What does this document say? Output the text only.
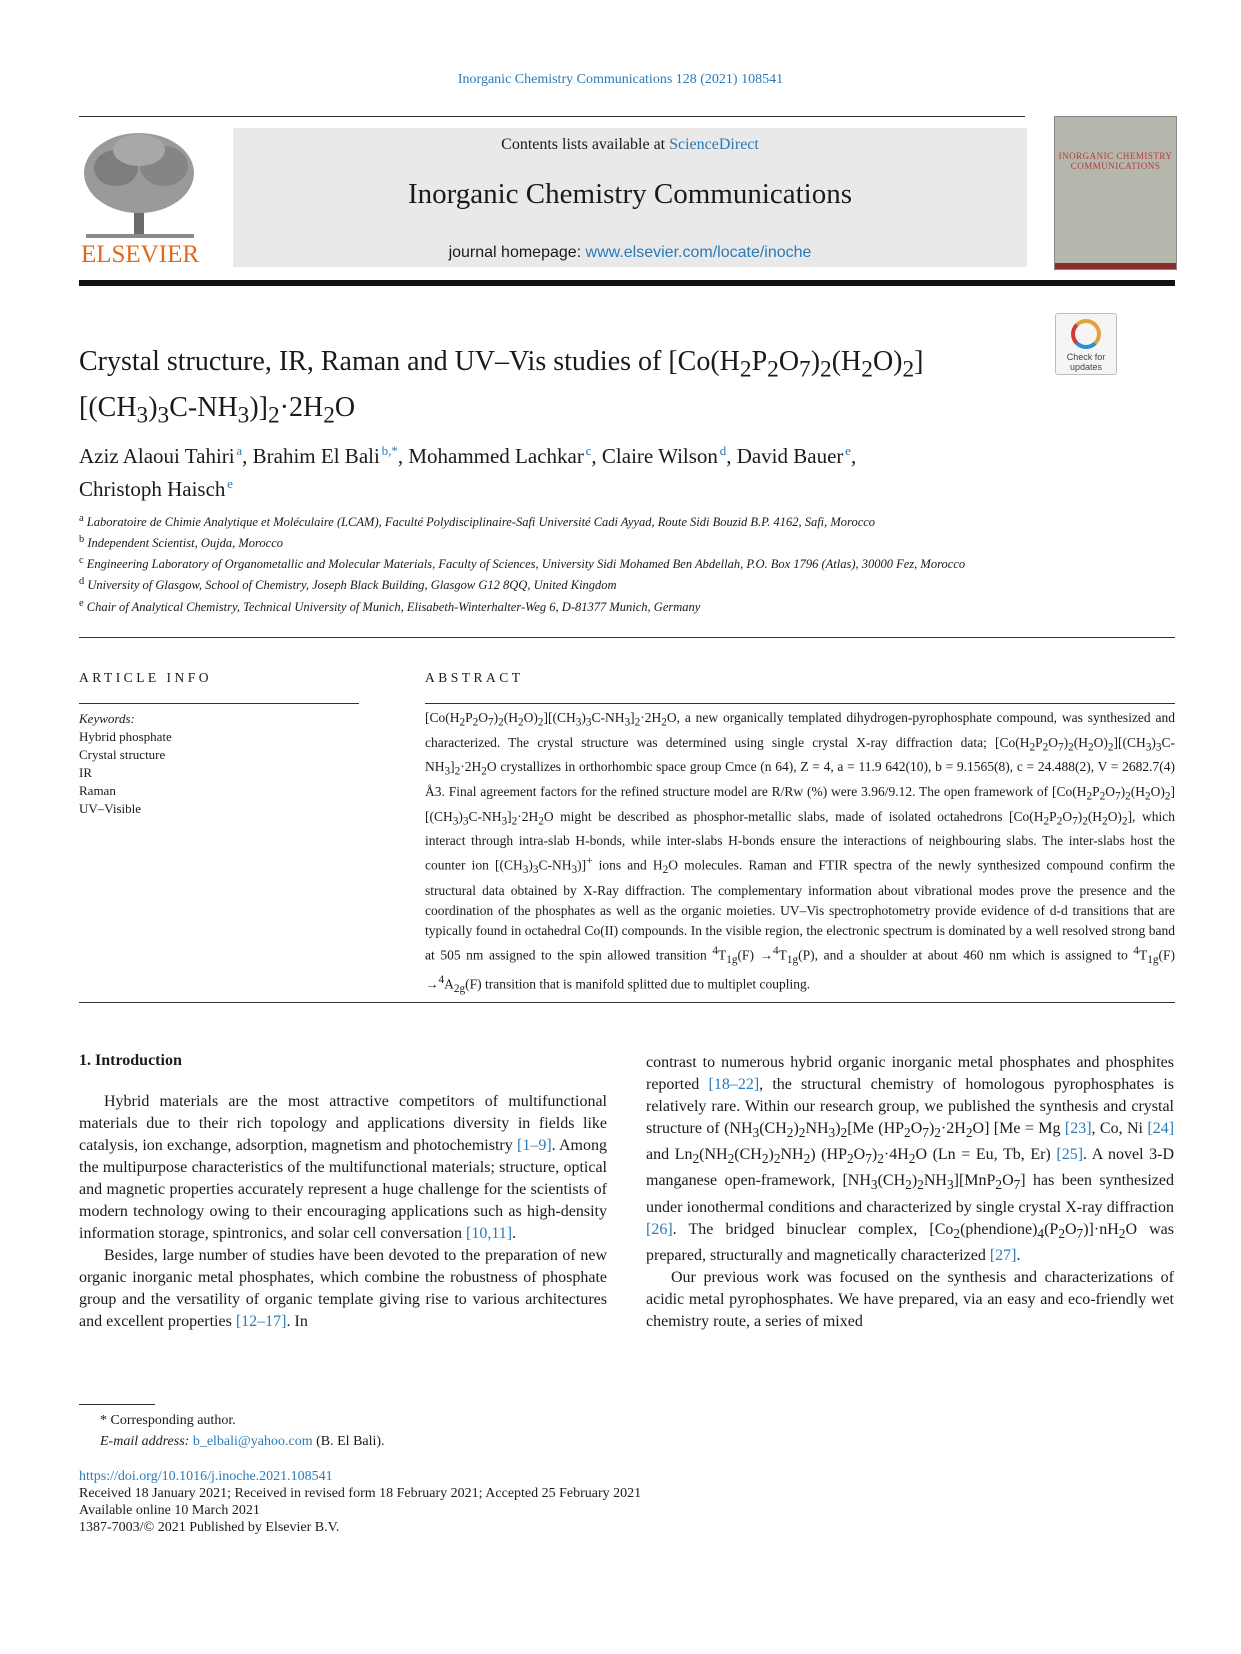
Inorganic Chemistry Communications 128 (2021) 108541
ELSEVIER
Contents lists available at ScienceDirect
Inorganic Chemistry Communications
journal homepage: www.elsevier.com/locate/inoche
INORGANIC CHEMISTRY COMMUNICATIONS
Check for updates
Crystal structure, IR, Raman and UV–Vis studies of $[Co(H_2P_2O_7)_2(H_2O)_2]$ $[(CH_3)_3C-NH_3)]_2\cdot 2H_2O$
Aziz Alaoui Tahiri  $^a$, Brahim El Bali  $^{b,*}$, Mohammed Lachkar  $^c$, Claire Wilson  $^d$, David Bauer  $^e$,
Christoph Haisch  $^e$
$^a$ Laboratoire de Chimie Analytique et Moléculaire (LCAM), Faculté Polydisciplinaire-Safi Université Cadi Ayyad, Route Sidi Bouzid B.P. 4162, Safi, Morocco
$^b$ Independent Scientist, Oujda, Morocco
$^c$ Engineering Laboratory of Organometallic and Molecular Materials, Faculty of Sciences, University Sidi Mohamed Ben Abdellah, P.O. Box 1796 (Atlas), 30000 Fez, Morocco
$^d$ University of Glasgow, School of Chemistry, Joseph Black Building, Glasgow G12 8QQ, United Kingdom
$^e$ Chair of Analytical Chemistry, Technical University of Munich, Elisabeth-Winterhalter-Weg 6, D-81377 Munich, Germany
ARTICLE INFO	ABSTRACT
Keywords:
Hybrid phosphate
Crystal structure
IR
Raman
UV–Visible
$[Co(H_2P_2O_7)_2(H_2O)_2][(CH_3)_3C-NH_3]_2\cdot 2H_2O$, a new organically templated dihydrogen-pyrophosphate compound, was synthesized and characterized. The crystal structure was determined using single crystal X-ray diffraction data; $[Co(H_2P_2O_7)_2(H_2O)_2][(CH_3)_3C-NH_3]_2\cdot 2H_2O$ crystallizes in orthorhombic space group Cmce (n 64), Z = 4, a = 11.9 642(10), b = 9.1565(8), c = 24.488(2), V = 2682.7(4) Å3. Final agreement factors for the refined structure model are R/Rw (%) were 3.96/9.12. The open framework of $[Co(H_2P_2O_7)_2(H_2O)_2][(CH_3)_3C-NH_3]_2\cdot 2H_2O$ might be described as phosphor-metallic slabs, made of isolated octahedrons $[Co(H_2P_2O_7)_2(H_2O)_2]$, which interact through intra-slab H-bonds, while inter-slabs H-bonds ensure the interactions of neighbouring slabs. The inter-slabs host the counter ion $[(CH_3)_3C-NH_3)]^+$ ions and $H_2O$ molecules. Raman and FTIR spectra of the newly synthesized compound confirm the structural data obtained by X-Ray diffraction. The complementary information about vibrational modes prove the presence and the coordination of the phosphates as well as the organic moieties. UV–Vis spectrophotometry provide evidence of d-d transitions that are typically found in octahedral Co(II) compounds. In the visible region, the electronic spectrum is dominated by a well resolved strong band at 505 nm assigned to the spin allowed transition $^4T_{1g}(F) \to^4T_{1g}(P)$, and a shoulder at about 460 nm which is assigned to $^4T_{1g}(F) \to^4A_{2g}(F)$ transition that is manifold splitted due to multiplet coupling.
1. Introduction

Hybrid materials are the most attractive competitors of multifunctional materials due to their rich topology and applications diversity in fields like catalysis, ion exchange, adsorption, magnetism and photochemistry [1–9]. Among the multipurpose characteristics of the multifunctional materials; structure, optical and magnetic properties accurately represent a huge challenge for the scientists of modern technology owing to their encouraging applications such as high-density information storage, spintronics, and solar cell conversation [10,11].

Besides, large number of studies have been devoted to the preparation of new organic inorganic metal phosphates, which combine the robustness of phosphate group and the versatility of organic template giving rise to various architectures and excellent properties [12–17]. In

contrast to numerous hybrid organic inorganic metal phosphates and phosphites reported [18–22], the structural chemistry of homologous pyrophosphates is relatively rare. Within our research group, we published the synthesis and crystal structure of $(NH_3(CH_2)_2NH_3)_2[Me$ $(HP_2O_7)_2\cdot 2H_2O$] [Me = Mg [23], Co, Ni [24] and $Ln_2(NH_2(CH_2)_2NH_2)$ $(HP_2O_7)_2\cdot 4H_2O$ (Ln = Eu, Tb, Er) [25]. A novel 3-D manganese open-framework, $[NH_3(CH_2)_2NH_3][MnP_2O_7]$ has been synthesized under ionothermal conditions and characterized by single crystal X-ray diffraction [26]. The bridged binuclear complex, $[Co_2(phendione)_4(P_2O_7)]\cdot nH_2O$ was prepared, structurally and magnetically characterized [27].

Our previous work was focused on the synthesis and characterizations of acidic metal pyrophosphates. We have prepared, via an easy and eco-friendly wet chemistry route, a series of mixed

* Corresponding author.
E-mail address: b_elbali@yahoo.com (B. El Bali).
https://doi.org/10.1016/j.inoche.2021.108541
Received 18 January 2021; Received in revised form 18 February 2021; Accepted 25 February 2021
Available online 10 March 2021
1387-7003/© 2021 Published by Elsevier B.V.
